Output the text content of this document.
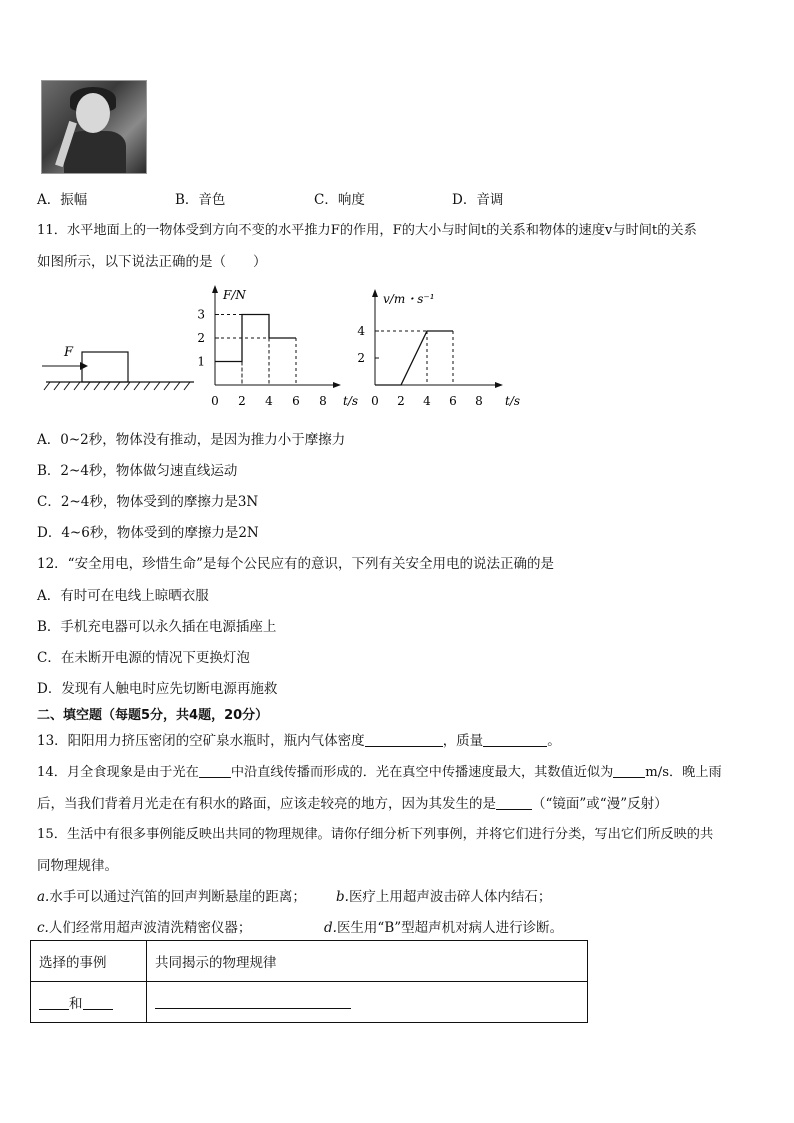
A．振幅	B．音色	C．响度	D．音调
11．水平地面上的一物体受到方向不变的水平推力F的作用，F的大小与时间t的关系和物体的速度v与时间t的关系
如图所示，以下说法正确的是（　　）
F
F/N
t/s
0 2 4 6 8
1
2
3
v/m・s⁻¹
t/s
0 2 4 6 8
2
4
A．0~2秒，物体没有推动，是因为推力小于摩擦力
B．2~4秒，物体做匀速直线运动
C．2~4秒，物体受到的摩擦力是3N
D．4~6秒，物体受到的摩擦力是2N
12．“安全用电，珍惜生命”是每个公民应有的意识，下列有关安全用电的说法正确的是
A．有时可在电线上晾晒衣服
B．手机充电器可以永久插在电源插座上
C．在未断开电源的情况下更换灯泡
D．发现有人触电时应先切断电源再施救
二、填空题（每题5分，共4题，20分）
13．阳阳用力挤压密闭的空矿泉水瓶时，瓶内气体密度	，质量	。
14．月全食现象是由于光在 中沿直线传播而形成的．光在真空中传播速度最大，其数值近似为 m/s．晚上雨
后，当我们背着月光走在有积水的路面，应该走较亮的地方，因为其发生的是	（“镜面”或“漫”反射）
15．生活中有很多事例能反映出共同的物理规律。请你仔细分析下列事例，并将它们进行分类，写出它们所反映的共
同物理规律。
a.水手可以通过汽笛的回声判断悬崖的距离； b.医疗上用超声波击碎人体内结石；
c.人们经常用超声波清洗精密仪器；	d.医生用“B”型超声机对病人进行诊断。
选择的事例	共同揭示的物理规律
和	
